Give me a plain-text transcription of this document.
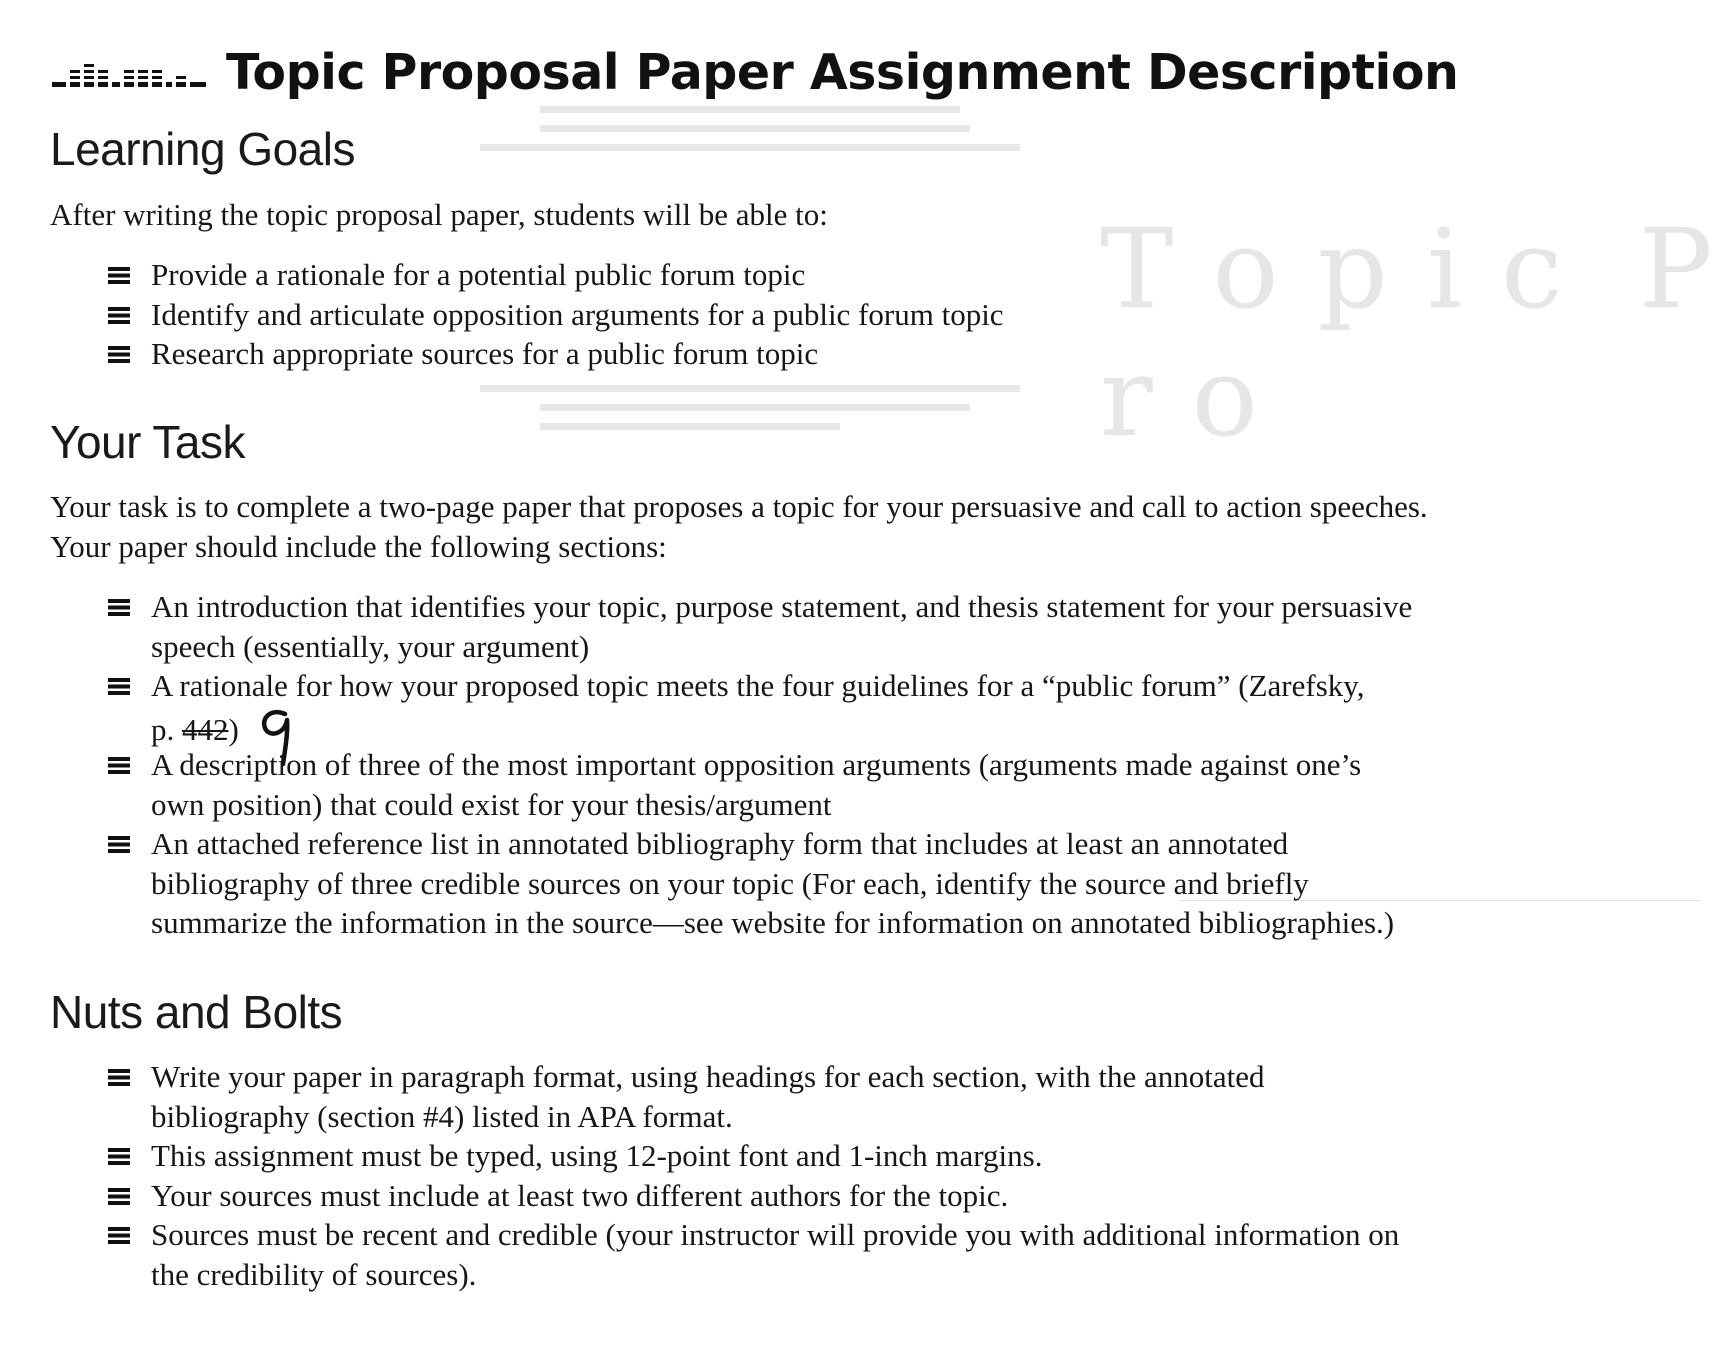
T o p i c  P r o
Topic Proposal Paper Assignment Description
Learning Goals
After writing the topic proposal paper, students will be able to:
Provide a rationale for a potential public forum topic
Identify and articulate opposition arguments for a public forum topic
Research appropriate sources for a public forum topic
Your Task
Your task is to complete a two-page paper that proposes a topic for your persuasive and call to action speeches.
Your paper should include the following sections:
An introduction that identifies your topic, purpose statement, and thesis statement for your persuasive
speech (essentially, your argument)
A rationale for how your proposed topic meets the four guidelines for a “public forum” (Zarefsky,
p. 442)
A description of three of the most important opposition arguments (arguments made against one’s
own position) that could exist for your thesis/argument
An attached reference list in annotated bibliography form that includes at least an annotated
bibliography of three credible sources on your topic (For each, identify the source and briefly
summarize the information in the source—see website for information on annotated bibliographies.)
Nuts and Bolts
Write your paper in paragraph format, using headings for each section, with the annotated
bibliography (section #4) listed in APA format.
This assignment must be typed, using 12-point font and 1-inch margins.
Your sources must include at least two different authors for the topic.
Sources must be recent and credible (your instructor will provide you with additional information on
the credibility of sources).
